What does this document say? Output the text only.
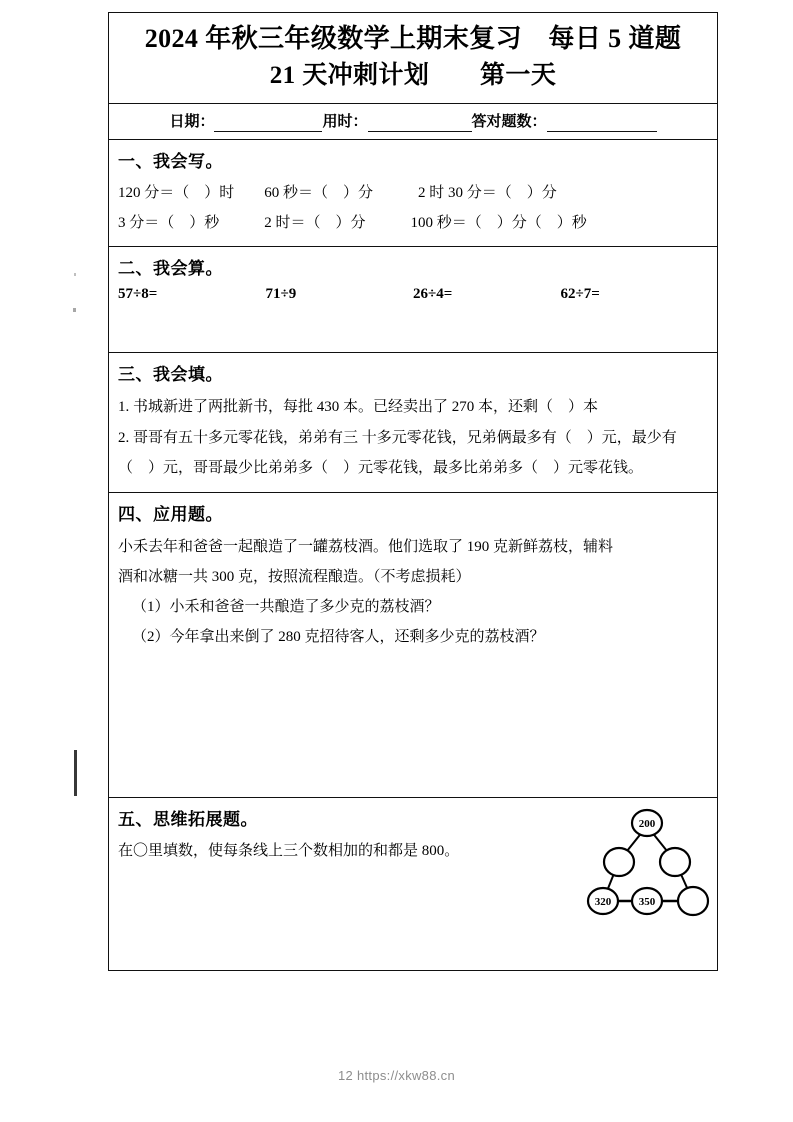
2024 年秋三年级数学上期末复习　每日 5 道题
21 天冲刺计划　　第一天
日期：	用时：	答对题数：
一、我会写。
120 分＝（　）时　　60 秒＝（　）分　　　2 时 30 分＝（　）分
3 分＝（　）秒　　　2 时＝（　）分　　　100 秒＝（　）分（　）秒
二、我会算。
57÷8=	71÷9	26÷4=	62÷7=
三、我会填。
1. 书城新进了两批新书，每批 430 本。已经卖出了 270 本，还剩（　）本
2. 哥哥有五十多元零花钱，弟弟有三 十多元零花钱，兄弟俩最多有（　）元，最少有
（　）元，哥哥最少比弟弟多（　）元零花钱，最多比弟弟多（　）元零花钱。
四、应用题。
小禾去年和爸爸一起酿造了一罐荔枝酒。他们选取了 190 克新鲜荔枝，辅料
酒和冰糖一共 300 克，按照流程酿造。（不考虑损耗）
（1）小禾和爸爸一共酿造了多少克的荔枝酒？
（2）今年拿出来倒了 280 克招待客人，还剩多少克的荔枝酒？
五、思维拓展题。
在〇里填数，使每条线上三个数相加的和都是 800。
200
320	350
12 https://xkw88.cn
